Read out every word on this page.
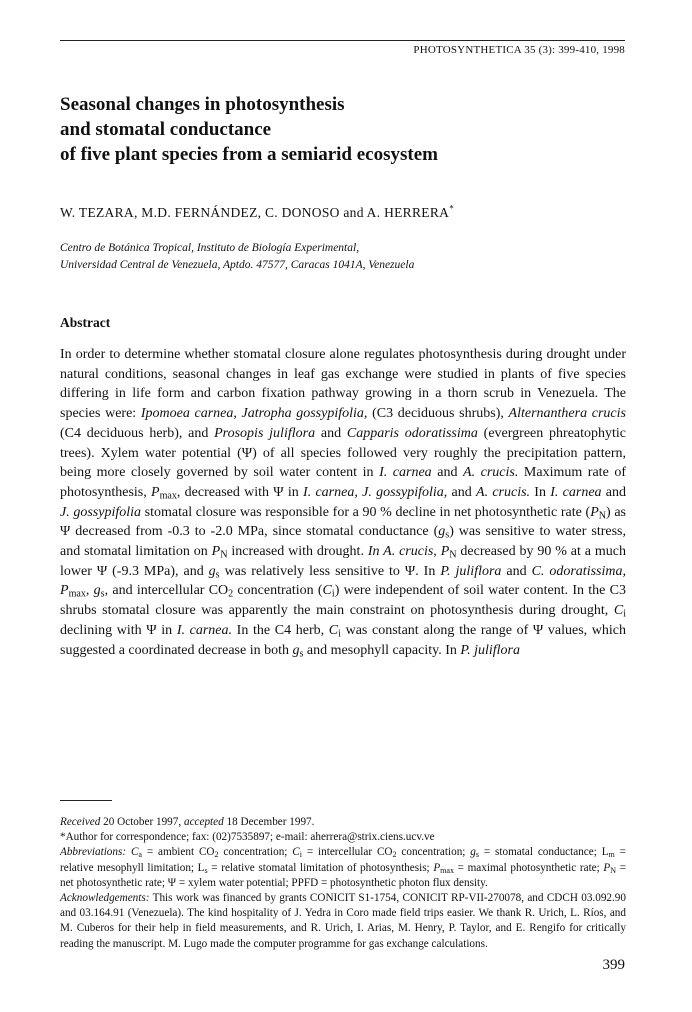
PHOTOSYNTHETICA 35 (3): 399-410, 1998
Seasonal changes in photosynthesis
and stomatal conductance
of five plant species from a semiarid ecosystem
W. TEZARA, M.D. FERNÁNDEZ, C. DONOSO and A. HERRERA*
Centro de Botánica Tropical, Instituto de Biología Experimental,
Universidad Central de Venezuela, Aptdo. 47577, Caracas 1041A, Venezuela
Abstract

In order to determine whether stomatal closure alone regulates photosynthesis during drought under natural conditions, seasonal changes in leaf gas exchange were studied in plants of five species differing in life form and carbon fixation pathway growing in a thorn scrub in Venezuela. The species were: Ipomoea carnea, Jatropha gossypifolia, (C3 deciduous shrubs), Alternanthera crucis (C4 deciduous herb), and Prosopis juliflora and Capparis odoratissima (evergreen phreatophytic trees). Xylem water potential (Ψ) of all species followed very roughly the precipitation pattern, being more closely governed by soil water content in I. carnea and A. crucis. Maximum rate of photosynthesis, $P_{max}$, decreased with Ψ in I. carnea, J. gossypifolia, and A. crucis. In I. carnea and J. gossypifolia stomatal closure was responsible for a 90 % decline in net photosynthetic rate $(P_N)$ as Ψ decreased from -0.3 to -2.0 MPa, since stomatal conductance $(g_s)$ was sensitive to water stress, and stomatal limitation on $P_N$ increased with drought. In A. crucis, $P_N$ decreased by 90 % at a much lower Ψ (-9.3 MPa), and $g_s$ was relatively less sensitive to Ψ. In P. juliflora and C. odoratissima, $P_{max}$, $g_s$, and intercellular $CO_2$ concentration $(C_i)$ were independent of soil water content. In the C3 shrubs stomatal closure was apparently the main constraint on photosynthesis during drought, $C_i$ declining with Ψ in I. carnea. In the C4 herb, $C_i$ was constant along the range of Ψ values, which suggested a coordinated decrease in both $g_s$ and mesophyll capacity. In P. juliflora

Received 20 October 1997, accepted 18 December 1997.

*Author for correspondence; fax: (02)7535897; e-mail: aherrera@strix.ciens.ucv.ve

Abbreviations: $C_a$ = ambient $CO_2$ concentration; $C_i$ = intercellular $CO_2$ concentration; $g_s$ = stomatal conductance; $L_m$ = relative mesophyll limitation; $L_s$ = relative stomatal limitation of photosynthesis; $P_{max}$ = maximal photosynthetic rate; $P_N$ = net photosynthetic rate; Ψ = xylem water potential; PPFD = photosynthetic photon flux density.

Acknowledgements: This work was financed by grants CONICIT S1-1754, CONICIT RP-VII-270078, and CDCH 03.092.90 and 03.164.91 (Venezuela). The kind hospitality of J. Yedra in Coro made field trips easier. We thank R. Urich, L. Ríos, and M. Cuberos for their help in field measurements, and R. Urich, I. Arias, M. Henry, P. Taylor, and E. Rengifo for critically reading the manuscript. M. Lugo made the computer programme for gas exchange calculations.

399
